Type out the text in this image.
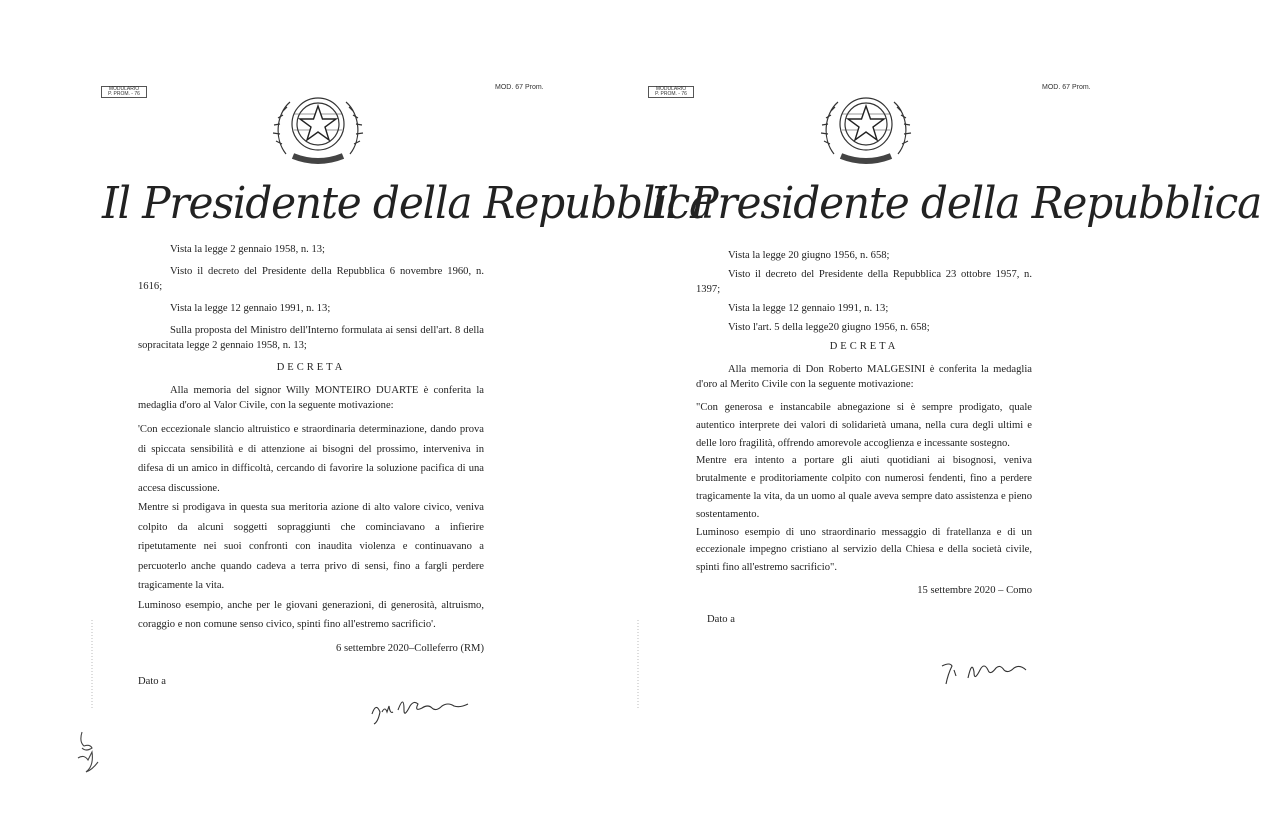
MODULARIO
P. PROM. - 76
MOD. 67 Prom.
Il Presidente della Repubblica

Vista la legge 2 gennaio 1958, n. 13;

Visto il decreto del Presidente della Repubblica 6 novembre 1960, n. 1616;

Vista la legge 12 gennaio 1991, n. 13;

Sulla proposta del Ministro dell'Interno formulata ai sensi dell'art. 8 della sopracitata legge 2 gennaio 1958, n. 13;

DECRETA

Alla memoria del signor Willy MONTEIRO DUARTE è conferita la medaglia d'oro al Valor Civile, con la seguente motivazione:

'Con eccezionale slancio altruistico e straordinaria determinazione, dando prova di spiccata sensibilità e di attenzione ai bisogni del prossimo, interveniva in difesa di un amico in difficoltà, cercando di favorire la soluzione pacifica di una accesa discussione.

Mentre si prodigava in questa sua meritoria azione di alto valore civico, veniva colpito da alcuni soggetti sopraggiunti che cominciavano a infierire ripetutamente nei suoi confronti con inaudita violenza e continuavano a percuoterlo anche quando cadeva a terra privo di sensi, fino a fargli perdere tragicamente la vita.

Luminoso esempio, anche per le giovani generazioni, di generosità, altruismo, coraggio e non comune senso civico, spinti fino all'estremo sacrificio'.

6 settembre 2020–Colleferro (RM)

Dato a
MODULARIO
P. PROM. - 76
MOD. 67 Prom.
Il Presidente della Repubblica

Vista la legge 20 giugno 1956, n. 658;

Visto il decreto del Presidente della Repubblica 23 ottobre 1957, n. 1397;

Vista la legge 12 gennaio 1991, n. 13;

Visto l'art. 5 della legge20 giugno 1956, n. 658;

DECRETA

Alla memoria di Don Roberto MALGESINI è conferita la medaglia d'oro al Merito Civile con la seguente motivazione:

"Con generosa e instancabile abnegazione si è sempre prodigato, quale autentico interprete dei valori di solidarietà umana, nella cura degli ultimi e delle loro fragilità, offrendo amorevole accoglienza e incessante sostegno.

Mentre era intento a portare gli aiuti quotidiani ai bisognosi, veniva brutalmente e proditoriamente colpito con numerosi fendenti, fino a perdere tragicamente la vita, da un uomo al quale aveva sempre dato assistenza e pieno sostentamento.

Luminoso esempio di uno straordinario messaggio di fratellanza e di un eccezionale impegno cristiano al servizio della Chiesa e della società civile, spinti fino all'estremo sacrificio".

15 settembre 2020 – Como

Dato a
